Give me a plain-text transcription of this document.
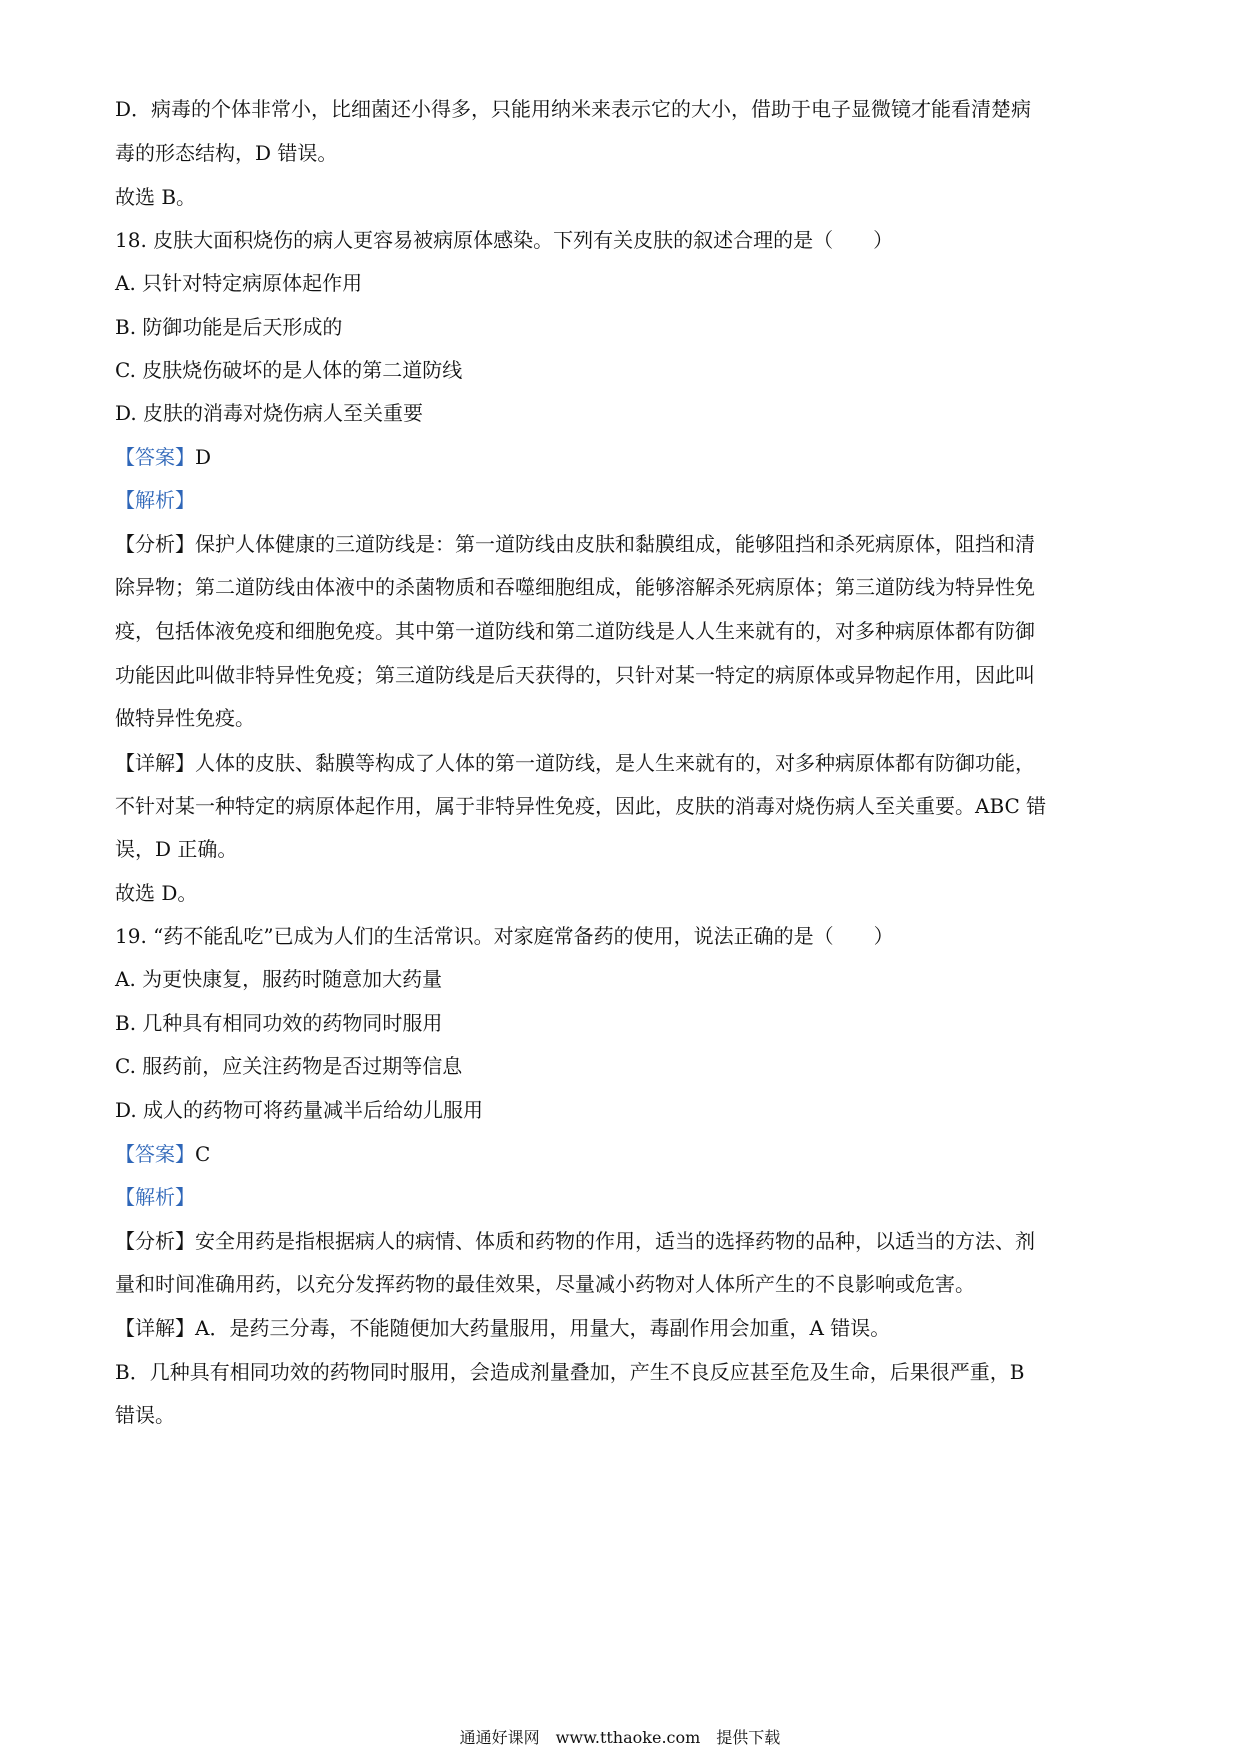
D．病毒的个体非常小，比细菌还小得多，只能用纳米来表示它的大小，借助于电子显微镜才能看清楚病
毒的形态结构，D 错误。
故选 B。
18. 皮肤大面积烧伤的病人更容易被病原体感染。下列有关皮肤的叙述合理的是（　　）
A. 只针对特定病原体起作用
B. 防御功能是后天形成的
C. 皮肤烧伤破坏的是人体的第二道防线
D. 皮肤的消毒对烧伤病人至关重要
【答案】D
【解析】
【分析】保护人体健康的三道防线是：第一道防线由皮肤和黏膜组成，能够阻挡和杀死病原体，阻挡和清
除异物；第二道防线由体液中的杀菌物质和吞噬细胞组成，能够溶解杀死病原体；第三道防线为特异性免
疫，包括体液免疫和细胞免疫。其中第一道防线和第二道防线是人人生来就有的，对多种病原体都有防御
功能因此叫做非特异性免疫；第三道防线是后天获得的，只针对某一特定的病原体或异物起作用，因此叫
做特异性免疫。
【详解】人体的皮肤、黏膜等构成了人体的第一道防线，是人生来就有的，对多种病原体都有防御功能，
不针对某一种特定的病原体起作用，属于非特异性免疫，因此，皮肤的消毒对烧伤病人至关重要。ABC 错
误，D 正确。
故选 D。
19. “药不能乱吃”已成为人们的生活常识。对家庭常备药的使用，说法正确的是（　　）
A. 为更快康复，服药时随意加大药量
B. 几种具有相同功效的药物同时服用
C. 服药前，应关注药物是否过期等信息
D. 成人的药物可将药量减半后给幼儿服用
【答案】C
【解析】
【分析】安全用药是指根据病人的病情、体质和药物的作用，适当的选择药物的品种，以适当的方法、剂
量和时间准确用药，以充分发挥药物的最佳效果，尽量减小药物对人体所产生的不良影响或危害。
【详解】A．是药三分毒，不能随便加大药量服用，用量大，毒副作用会加重，A 错误。
B．几种具有相同功效的药物同时服用，会造成剂量叠加，产生不良反应甚至危及生命，后果很严重，B
错误。
通通好课网　www.tthaoke.com　提供下载
